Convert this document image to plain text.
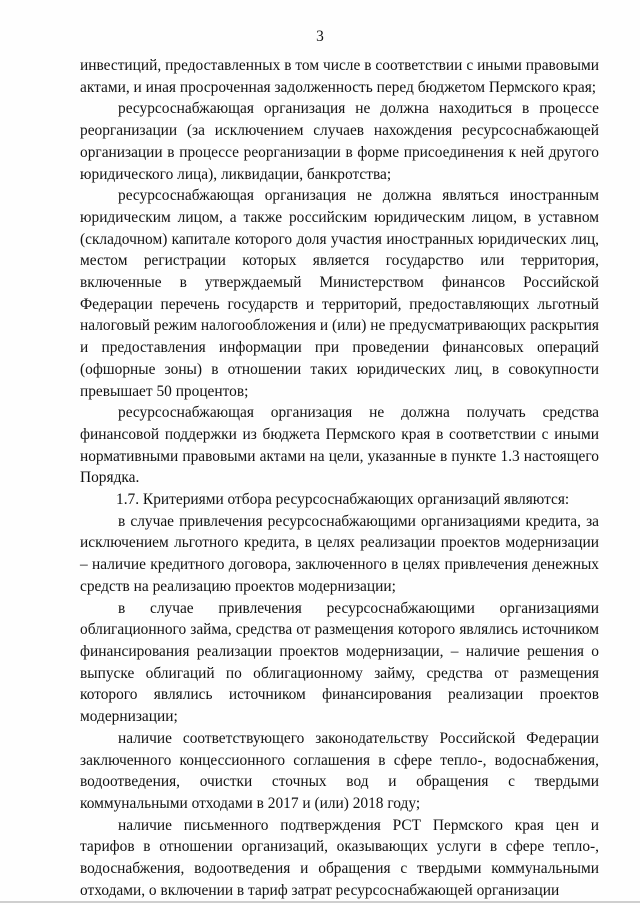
3

инвестиций, предоставленных в том числе в соответствии с иными правовыми актами, и иная просроченная задолженность перед бюджетом Пермского края;

ресурсоснабжающая организация не должна находиться в процессе реорганизации (за исключением случаев нахождения ресурсоснабжающей организации в процессе реорганизации в форме присоединения к ней другого юридического лица), ликвидации, банкротства;

ресурсоснабжающая организация не должна являться иностранным юридическим лицом, а также российским юридическим лицом, в уставном (складочном) капитале которого доля участия иностранных юридических лиц, местом регистрации которых является государство или территория, включенные в утверждаемый Министерством финансов Российской Федерации перечень государств и территорий, предоставляющих льготный налоговый режим налогообложения и (или) не предусматривающих раскрытия и предоставления информации при проведении финансовых операций (офшорные зоны) в отношении таких юридических лиц, в совокупности превышает 50 процентов;

ресурсоснабжающая организация не должна получать средства финансовой поддержки из бюджета Пермского края в соответствии с иными нормативными правовыми актами на цели, указанные в пункте 1.3 настоящего Порядка.

1.7. Критериями отбора ресурсоснабжающих организаций являются:

в случае привлечения ресурсоснабжающими организациями кредита, за исключением льготного кредита, в целях реализации проектов модернизации – наличие кредитного договора, заключенного в целях привлечения денежных средств на реализацию проектов модернизации;

в случае привлечения ресурсоснабжающими организациями облигационного займа, средства от размещения которого являлись источником финансирования реализации проектов модернизации, – наличие решения о выпуске облигаций по облигационному займу, средства от размещения которого являлись источником финансирования реализации проектов модернизации;

наличие соответствующего законодательству Российской Федерации заключенного концессионного соглашения в сфере тепло-, водоснабжения, водоотведения, очистки сточных вод и обращения с твердыми коммунальными отходами в 2017 и (или) 2018 году;

наличие письменного подтверждения РСТ Пермского края цен и тарифов в отношении организаций, оказывающих услуги в сфере тепло-, водоснабжения, водоотведения и обращения с твердыми коммунальными отходами, о включении в тариф затрат ресурсоснабжающей организации
